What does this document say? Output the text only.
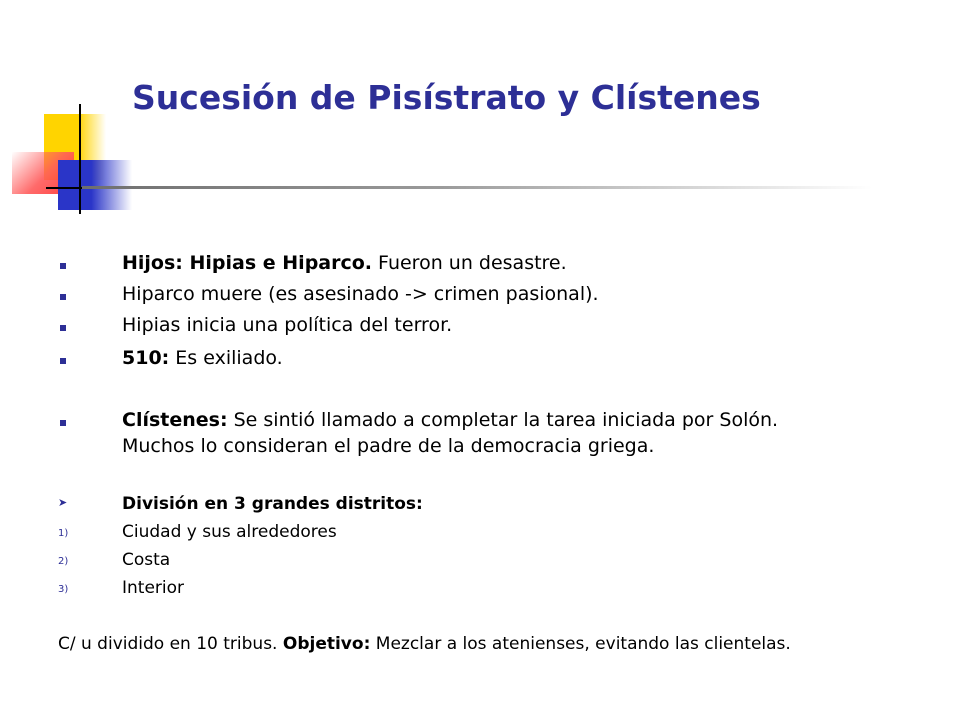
Sucesión de Pisístrato y Clístenes
Hijos: Hipias e Hiparco. Fueron un desastre.
Hiparco muere (es asesinado -> crimen pasional).
Hipias inicia una política del terror.
510: Es exiliado.
Clístenes: Se sintió llamado a completar la tarea iniciada por Solón.
Muchos lo consideran el padre de la democracia griega.
➤	División en 3 grandes distritos:
1)	Ciudad y sus alrededores
2)	Costa
3)	Interior
C/ u dividido en 10 tribus. Objetivo: Mezclar a los atenienses, evitando las clientelas.
